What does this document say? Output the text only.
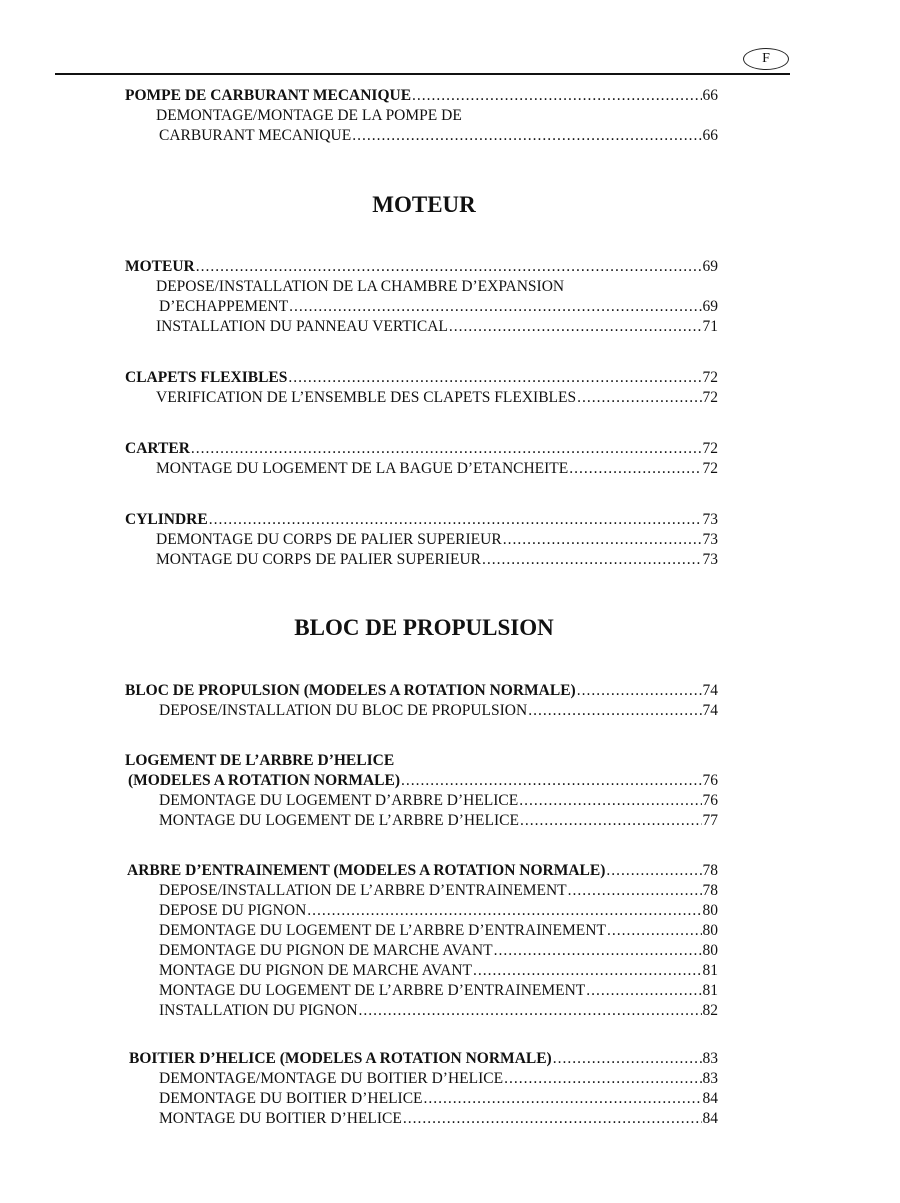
F
POMPE DE CARBURANT MECANIQUE .....	66
DEMONTAGE/MONTAGE DE LA POMPE DE
CARBURANT MECANIQUE .....	66
MOTEUR
MOTEUR .....	69
DEPOSE/INSTALLATION DE LA CHAMBRE D’EXPANSION
D’ECHAPPEMENT .....	69
INSTALLATION DU PANNEAU VERTICAL .....	71
CLAPETS FLEXIBLES .....	72
VERIFICATION DE L’ENSEMBLE DES CLAPETS FLEXIBLES .....	72
CARTER .....	72
MONTAGE DU LOGEMENT DE LA BAGUE D’ETANCHEITE .....	72
CYLINDRE .....	73
DEMONTAGE DU CORPS DE PALIER SUPERIEUR .....	73
MONTAGE DU CORPS DE PALIER SUPERIEUR .....	73
BLOC DE PROPULSION
BLOC DE PROPULSION (MODELES A ROTATION NORMALE) .....	74
DEPOSE/INSTALLATION DU BLOC DE PROPULSION .....	74
LOGEMENT DE L’ARBRE D’HELICE
(MODELES A ROTATION NORMALE) .....	76
DEMONTAGE DU LOGEMENT D’ARBRE D’HELICE .....	76
MONTAGE DU LOGEMENT DE L’ARBRE D’HELICE .....	77
ARBRE D’ENTRAINEMENT (MODELES A ROTATION NORMALE) .....	78
DEPOSE/INSTALLATION DE L’ARBRE D’ENTRAINEMENT .....	78
DEPOSE DU PIGNON .....	80
DEMONTAGE DU LOGEMENT DE L’ARBRE D’ENTRAINEMENT .....	80
DEMONTAGE DU PIGNON DE MARCHE AVANT .....	80
MONTAGE DU PIGNON DE MARCHE AVANT .....	81
MONTAGE DU LOGEMENT DE L’ARBRE D’ENTRAINEMENT .....	81
INSTALLATION DU PIGNON .....	82
BOITIER D’HELICE (MODELES A ROTATION NORMALE) .....	83
DEMONTAGE/MONTAGE DU BOITIER D’HELICE .....	83
DEMONTAGE DU BOITIER D’HELICE .....	84
MONTAGE DU BOITIER D’HELICE .....	84
